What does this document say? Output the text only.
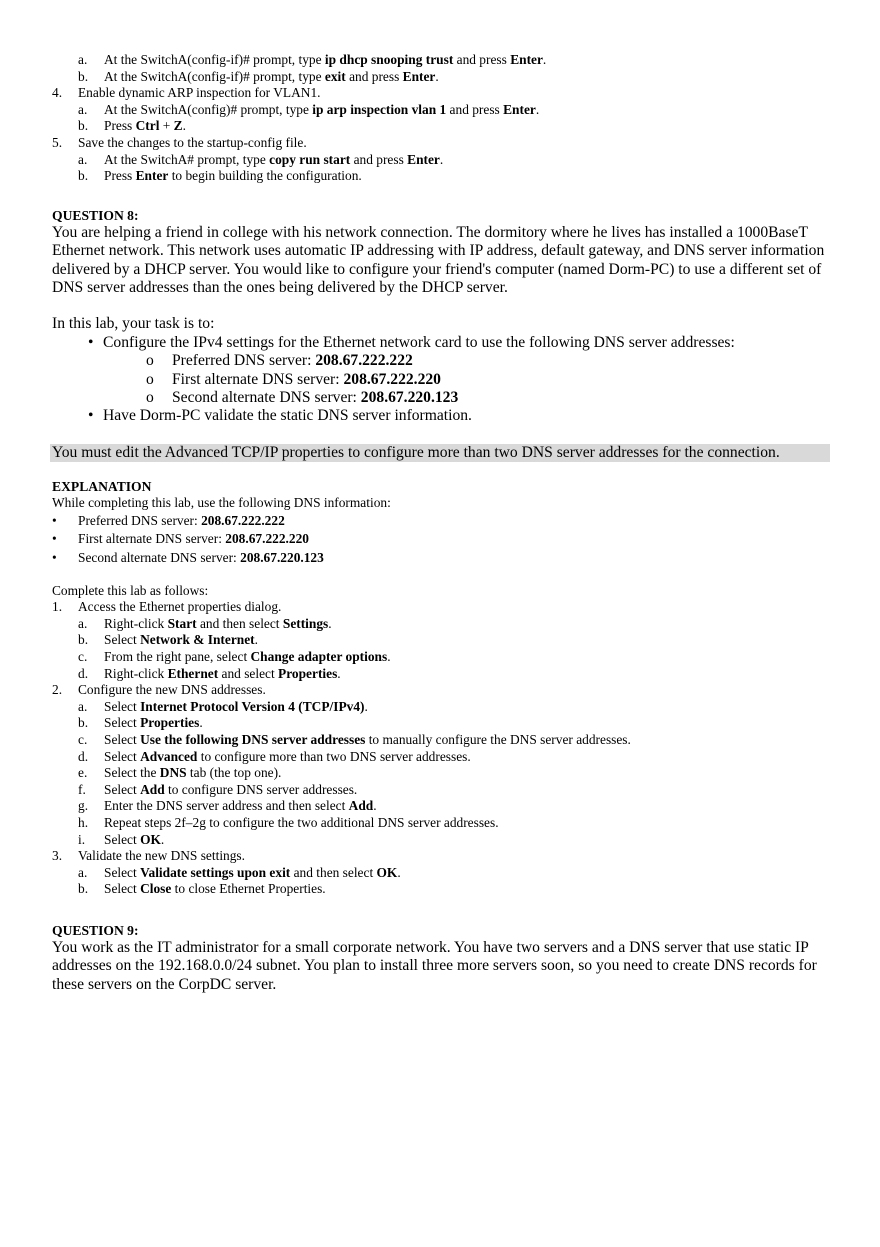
a.	At the SwitchA(config-if)# prompt, type ip dhcp snooping trust and press Enter.
b.	At the SwitchA(config-if)# prompt, type exit and press Enter.
4.	Enable dynamic ARP inspection for VLAN1.
a.	At the SwitchA(config)# prompt, type ip arp inspection vlan 1 and press Enter.
b.	Press Ctrl + Z.
5.	Save the changes to the startup-config file.
a.	At the SwitchA# prompt, type copy run start and press Enter.
b.	Press Enter to begin building the configuration.
QUESTION 8:
You are helping a friend in college with his network connection. The dormitory where he lives has installed a 1000BaseT Ethernet network. This network uses automatic IP addressing with IP address, default gateway, and DNS server information delivered by a DHCP server. You would like to configure your friend's computer (named Dorm-PC) to use a different set of DNS server addresses than the ones being delivered by the DHCP server.
In this lab, your task is to:
• Configure the IPv4 settings for the Ethernet network card to use the following DNS server addresses:
o	Preferred DNS server: 208.67.222.222
o	First alternate DNS server: 208.67.222.220
o	Second alternate DNS server: 208.67.220.123
• Have Dorm-PC validate the static DNS server information.
You must edit the Advanced TCP/IP properties to configure more than two DNS server addresses for the connection.
EXPLANATION
While completing this lab, use the following DNS information:
•	Preferred DNS server: 208.67.222.222
•	First alternate DNS server: 208.67.222.220
•	Second alternate DNS server: 208.67.220.123
Complete this lab as follows:
1.	Access the Ethernet properties dialog.
a.	Right-click Start and then select Settings.
b.	Select Network & Internet.
c.	From the right pane, select Change adapter options.
d.	Right-click Ethernet and select Properties.
2.	Configure the new DNS addresses.
a.	Select Internet Protocol Version 4 (TCP/IPv4).
b.	Select Properties.
c.	Select Use the following DNS server addresses to manually configure the DNS server addresses.
d.	Select Advanced to configure more than two DNS server addresses.
e.	Select the DNS tab (the top one).
f.	Select Add to configure DNS server addresses.
g.	Enter the DNS server address and then select Add.
h.	Repeat steps 2f–2g to configure the two additional DNS server addresses.
i.	Select OK.
3.	Validate the new DNS settings.
a.	Select Validate settings upon exit and then select OK.
b.	Select Close to close Ethernet Properties.
QUESTION 9:
You work as the IT administrator for a small corporate network. You have two servers and a DNS server that use static IP addresses on the 192.168.0.0/24 subnet. You plan to install three more servers soon, so you need to create DNS records for these servers on the CorpDC server.
